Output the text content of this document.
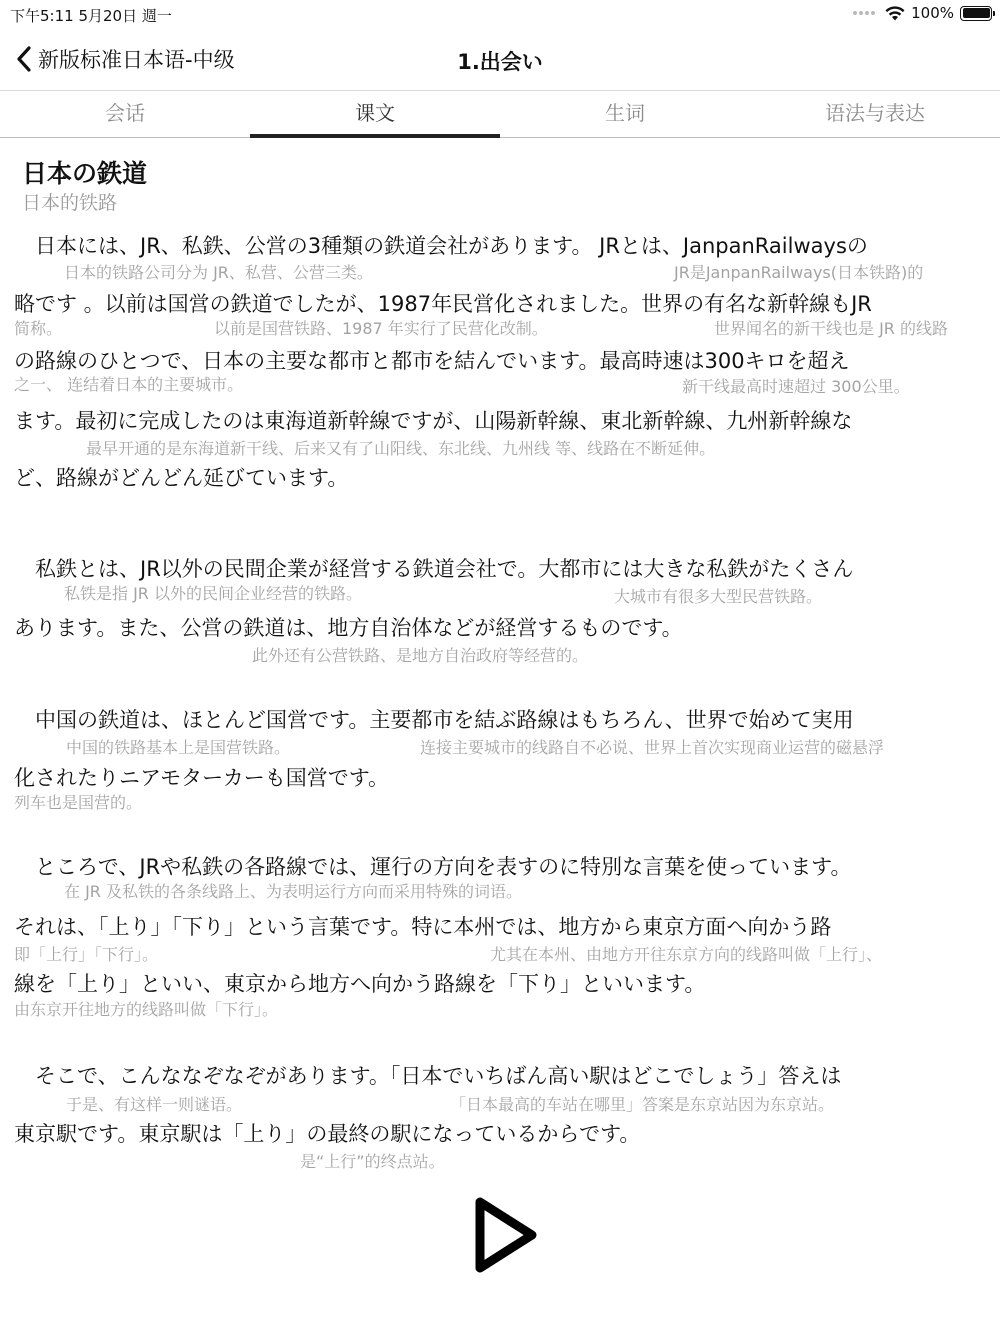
下午5:11 5月20日 週一	100%
新版标准日本语-中级	1.出会い
会话	课文	生词	语法与表达
日本の鉄道
日本的铁路
　日本には、JR、私鉄、公営の3種類の鉄道会社があります。 JRとは、JanpanRailwaysの
日本的铁路公司分为 JR、私营、公营三类。	JR是JanpanRailways(日本铁路)的
略です 。以前は国営の鉄道でしたが、1987年民営化されました。世界の有名な新幹線もJR
简称。	以前是国营铁路、1987 年实行了民营化改制。	世界闻名的新干线也是 JR 的线路
の路線のひとつで、日本の主要な都市と都市を結んでいます。最高時速は300キロを超え
之一、 连结着日本的主要城市。	新干线最高时速超过 300公里。
ます。最初に完成したのは東海道新幹線ですが、山陽新幹線、東北新幹線、九州新幹線な
最早开通的是东海道新干线、后来又有了山阳线、东北线、九州线 等、线路在不断延伸。
ど、路線がどんどん延びています。
　私鉄とは、JR以外の民間企業が経営する鉄道会社で。大都市には大きな私鉄がたくさん
私铁是指 JR 以外的民间企业经营的铁路。	大城市有很多大型民营铁路。
あります。また、公営の鉄道は、地方自治体などが経営するものです。
此外还有公营铁路、是地方自治政府等经营的。
　中国の鉄道は、ほとんど国営です。主要都市を結ぶ路線はもちろん、世界で始めて実用
中国的铁路基本上是国营铁路。	连接主要城市的线路自不必说、世界上首次实现商业运营的磁悬浮
化されたりニアモターカーも国営です。
列车也是国营的。
　ところで、JRや私鉄の各路線では、運行の方向を表すのに特別な言葉を使っています。
在 JR 及私铁的各条线路上、为表明运行方向而采用特殊的词语。
それは、「上り」「下り」という言葉です。特に本州では、地方から東京方面へ向かう路
即「上行」「下行」。	尤其在本州、由地方开往东京方向的线路叫做「上行」、
線を「上り」といい、東京から地方へ向かう路線を「下り」といいます。
由东京开往地方的线路叫做「下行」。
　そこで、こんななぞなぞがあります。「日本でいちばん高い駅はどこでしょう」答えは
于是、有这样一则谜语。	「日本最高的车站在哪里」答案是东京站因为东京站。
東京駅です。東京駅は「上り」の最終の駅になっているからです。
是“上行”的终点站。
